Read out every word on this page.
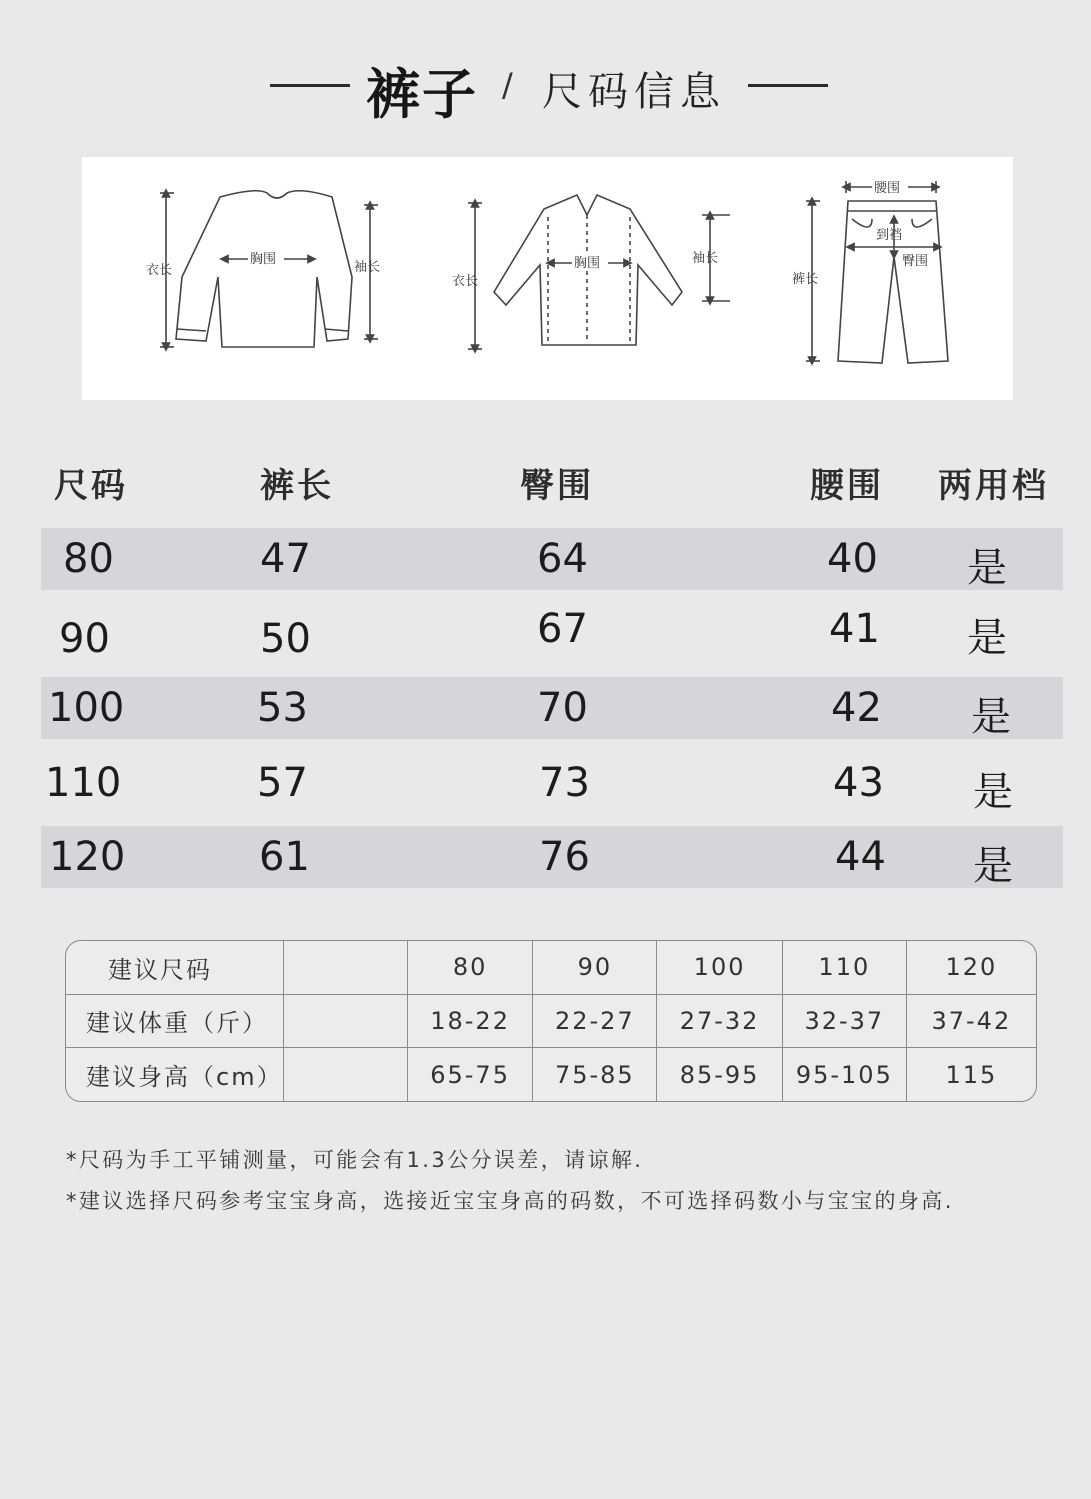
裤子 / 尺码信息
衣长
胸围
袖长
衣长
胸围	袖长
腰围
到裆
臀围
裤长
尺码	裤长	臀围	腰围 两用档
80	47	64	40 是
90	50	67	41 是
100	53	70	42 是
110	57	73	43 是
120	61	76	44 是
建议尺码		80	90	100	110	120
建议体重（斤）		18-22	22-27	27-32	32-37	37-42
建议身高（cm）		65-75	75-85	85-95	95-105	115
*尺码为手工平铺测量，可能会有1.3公分误差，请谅解.
*建议选择尺码参考宝宝身高，选接近宝宝身高的码数，不可选择码数小与宝宝的身高.
